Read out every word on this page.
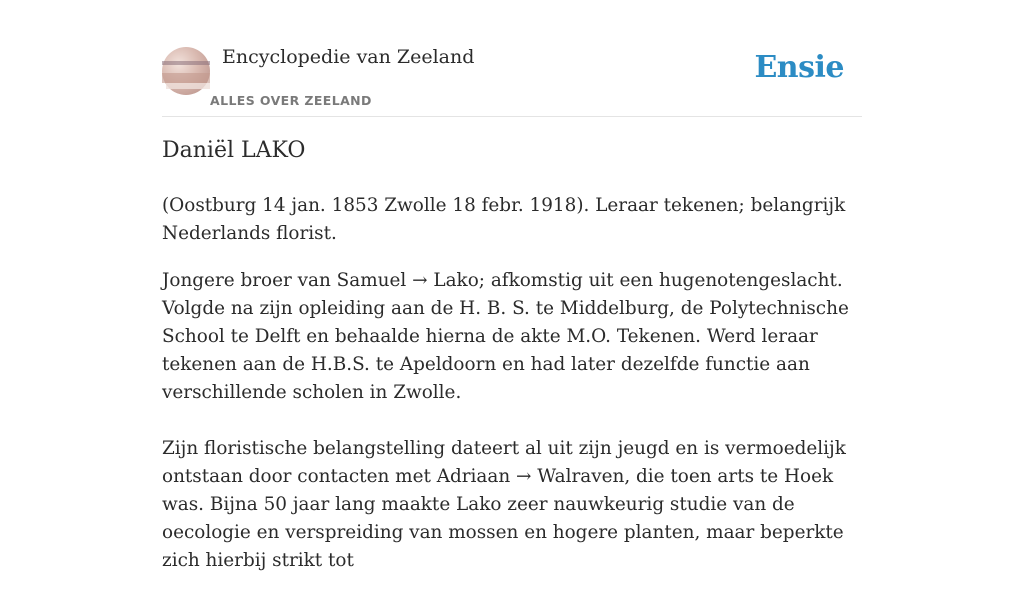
Encyclopedie van Zeeland
ALLES OVER ZEELAND
Ensie
Daniël LAKO

(Oostburg 14 jan. 1853 Zwolle 18 febr. 1918). Leraar tekenen; belangrijk Nederlands florist.

Jongere broer van Samuel → Lako; afkomstig uit een hugenotengeslacht. Volgde na zijn opleiding aan de H. B. S. te Middelburg, de Polytechnische School te Delft en behaalde hierna de akte M.O. Tekenen. Werd leraar tekenen aan de H.B.S. te Apeldoorn en had later dezelfde functie aan verschillende scholen in Zwolle.

Zijn floristische belangstelling dateert al uit zijn jeugd en is vermoedelijk ontstaan door contacten met Adriaan → Walraven, die toen arts te Hoek was. Bijna 50 jaar lang maakte Lako zeer nauwkeurig studie van de oecologie en verspreiding van mossen en hogere planten, maar beperkte zich hierbij strikt tot
